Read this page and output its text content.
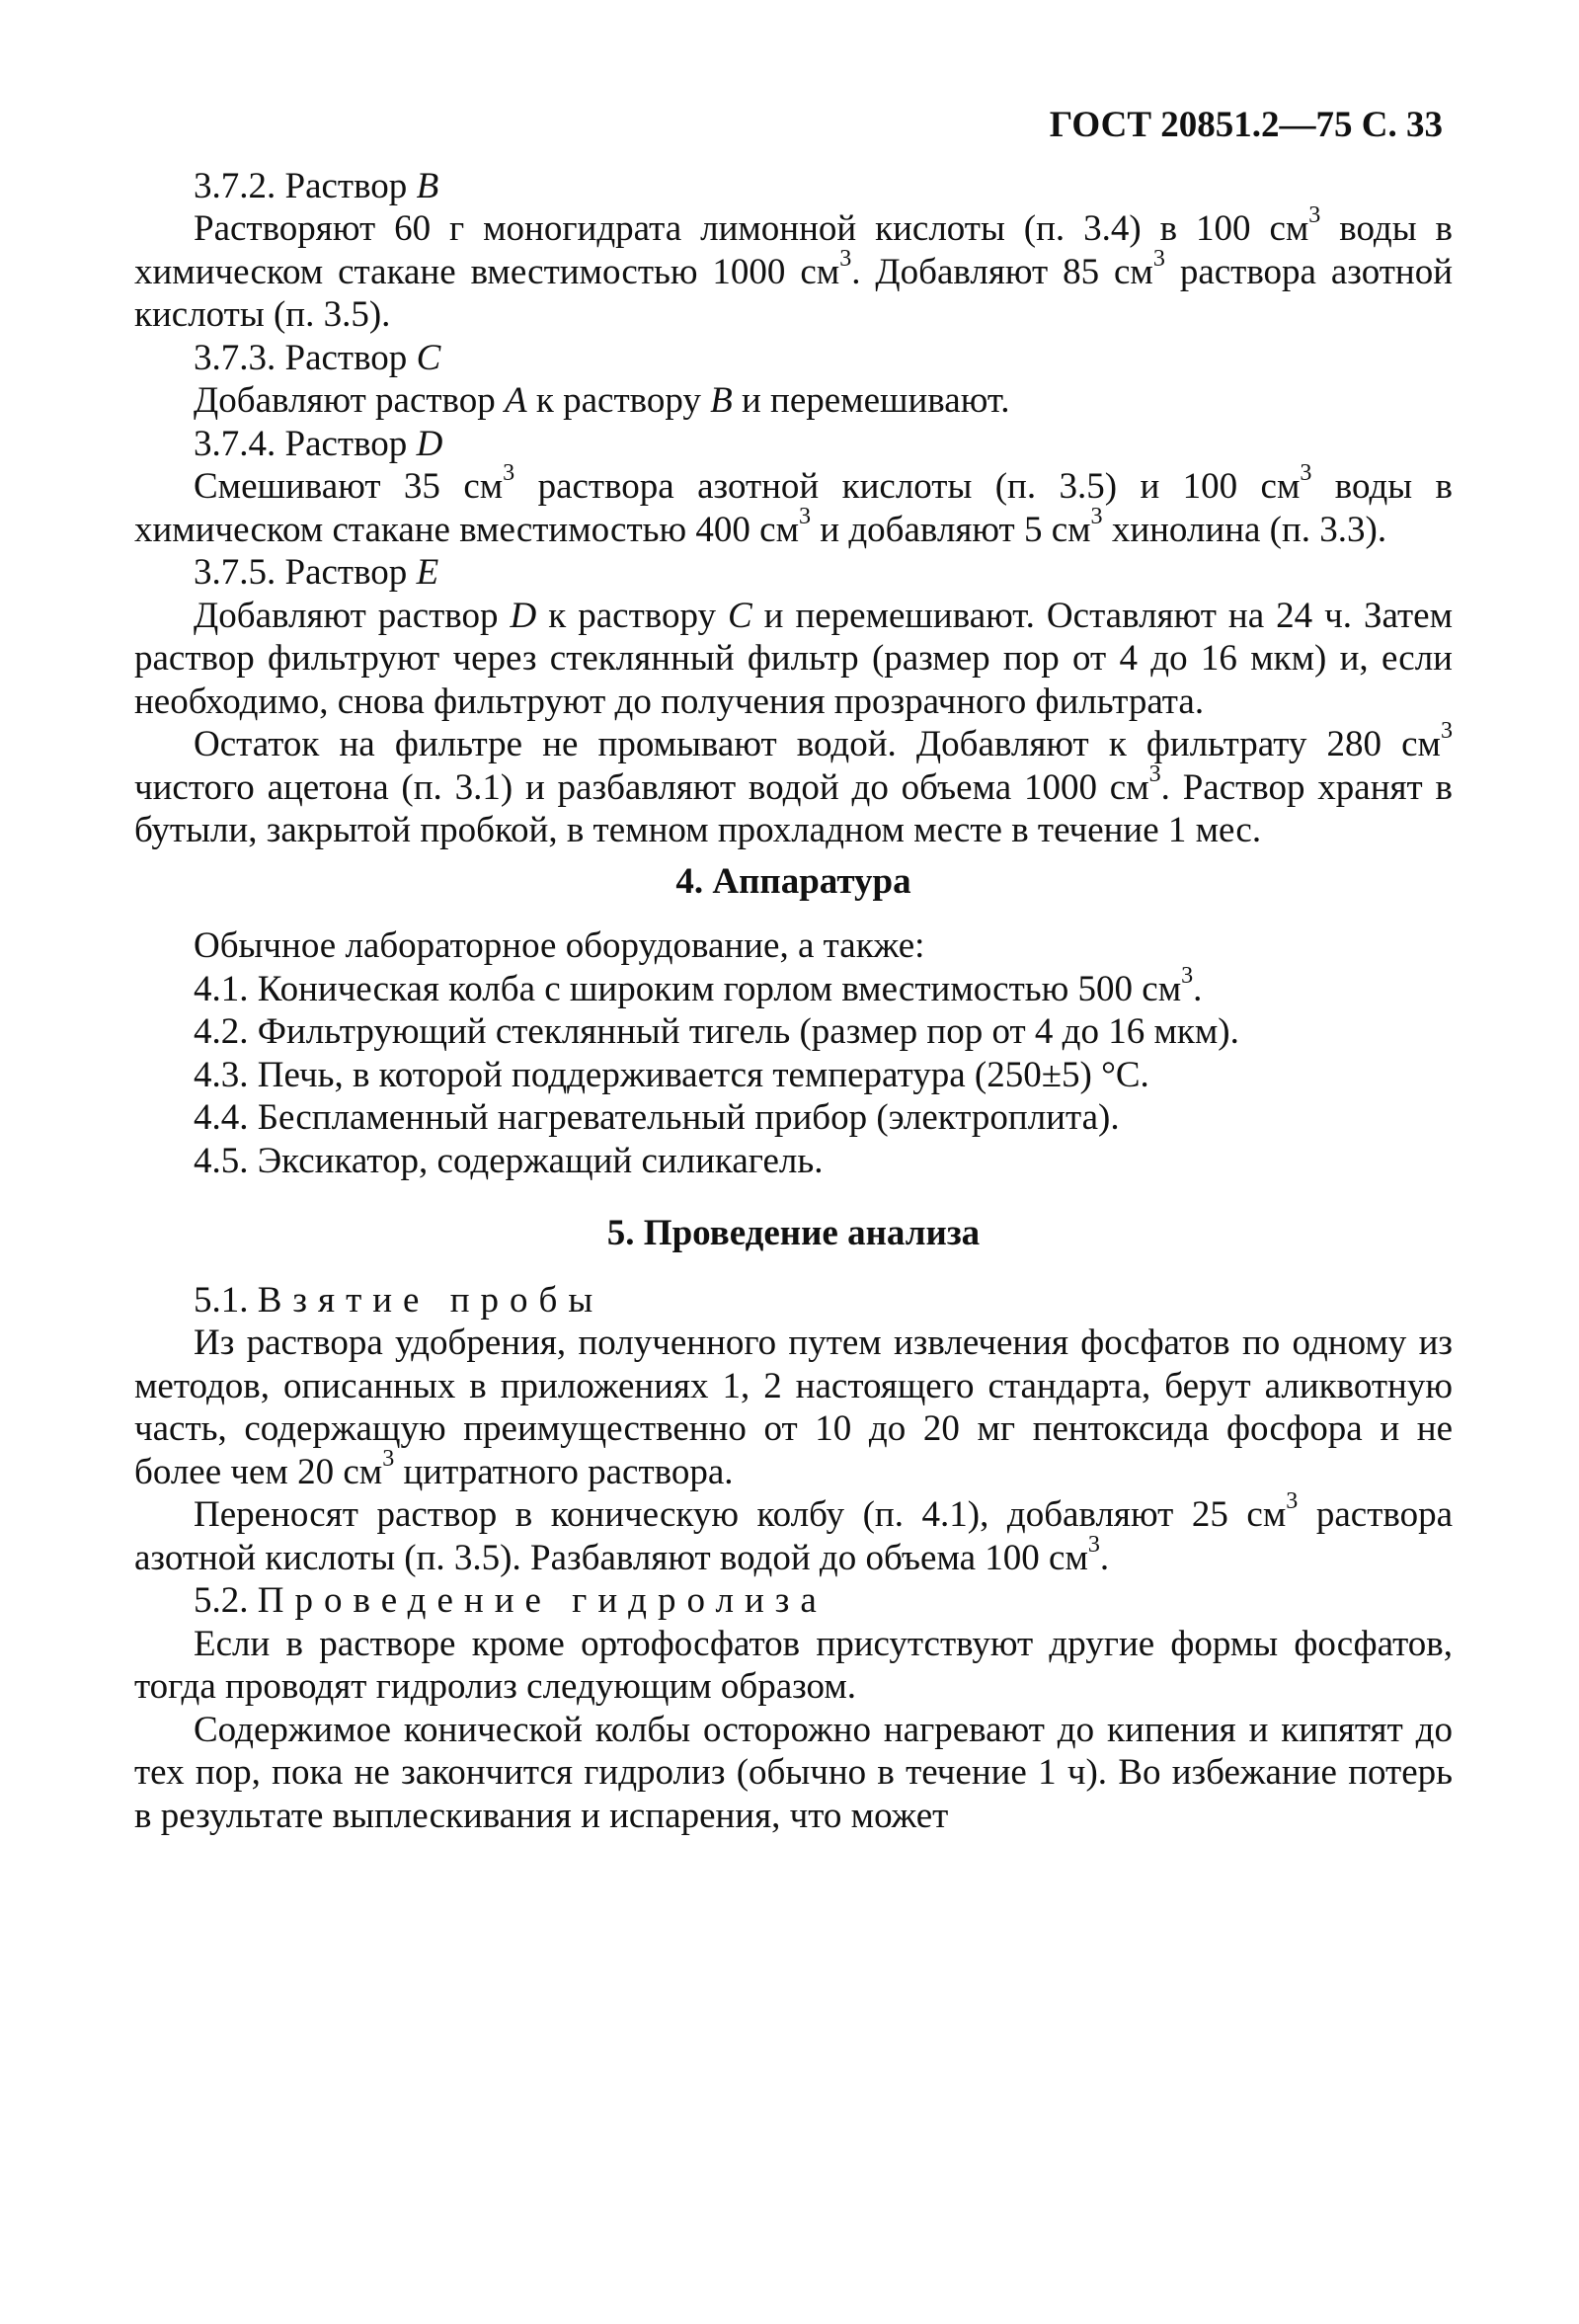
ГОСТ 20851.2—75 С. 33
3.7.2. Раствор B
Растворяют 60 г моногидрата лимонной кислоты (п. 3.4) в 100 $см^3$ воды в химическом стакане вместимостью 1000 $см^3$. Добавляют 85 $см^3$ раствора азотной кислоты (п. 3.5).
3.7.3. Раствор C
Добавляют раствор A к раствору B и перемешивают.
3.7.4. Раствор D
Смешивают 35 $см^3$ раствора азотной кислоты (п. 3.5) и 100 $см^3$ воды в химическом стакане вместимостью 400 $см^3$ и добавляют 5 $см^3$ хинолина (п. 3.3).
3.7.5. Раствор E
Добавляют раствор D к раствору C и перемешивают. Оставляют на 24 ч. Затем раствор фильтруют через стеклянный фильтр (размер пор от 4 до 16 мкм) и, если необходимо, снова фильтруют до получения прозрачного фильтрата.
Остаток на фильтре не промывают водой. Добавляют к фильтрату 280 $см^3$ чистого ацетона (п. 3.1) и разбавляют водой до объема 1000 $см^3$. Раствор хранят в бутыли, закрытой пробкой, в темном прохладном месте в течение 1 мес.
4. Аппаратура
Обычное лабораторное оборудование, а также:
4.1. Коническая колба с широким горлом вместимостью 500 $см^3$.
4.2. Фильтрующий стеклянный тигель (размер пор от 4 до 16 мкм).
4.3. Печь, в которой поддерживается температура (250±5) °С.
4.4. Беспламенный нагревательный прибор (электроплита).
4.5. Эксикатор, содержащий силикагель.
5. Проведение анализа
5.1. Взятие пробы
Из раствора удобрения, полученного путем извлечения фосфатов по одному из методов, описанных в приложениях 1, 2 настоящего стандарта, берут аликвотную часть, содержащую преимущественно от 10 до 20 мг пентоксида фосфора и не более чем 20 $см^3$ цитратного раствора.
Переносят раствор в коническую колбу (п. 4.1), добавляют 25 $см^3$ раствора азотной кислоты (п. 3.5). Разбавляют водой до объема 100 $см^3$.
5.2. Проведение гидролиза
Если в растворе кроме ортофосфатов присутствуют другие формы фосфатов, тогда проводят гидролиз следующим образом.
Содержимое конической колбы осторожно нагревают до кипения и кипятят до тех пор, пока не закончится гидролиз (обычно в течение 1 ч). Во избежание потерь в результате выплескивания и испарения, что может
